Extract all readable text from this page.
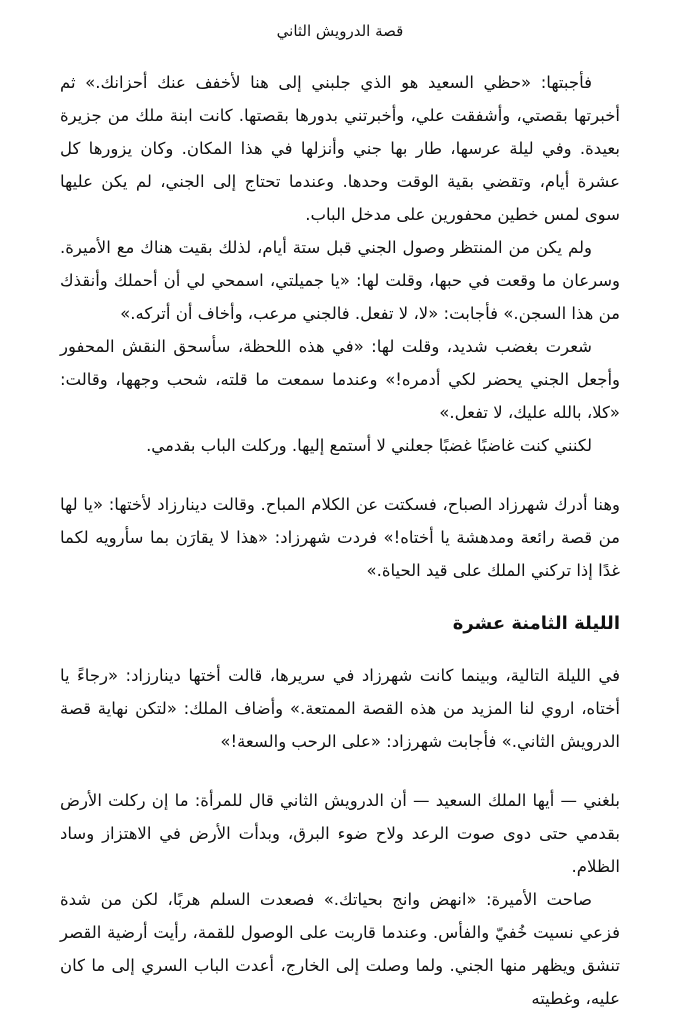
قصة الدرويش الثاني

فأجبتها: «حظي السعيد هو الذي جلبني إلى هنا لأخفف عنك أحزانك.» ثم أخبرتها بقصتي، وأشفقت علي، وأخبرتني بدورها بقصتها. كانت ابنة ملك من جزيرة بعيدة. وفي ليلة عرسها، طار بها جني وأنزلها في هذا المكان. وكان يزورها كل عشرة أيام، وتقضي بقية الوقت وحدها. وعندما تحتاج إلى الجني، لم يكن عليها سوى لمس خطين محفورين على مدخل الباب.

ولم يكن من المنتظر وصول الجني قبل ستة أيام، لذلك بقيت هناك مع الأميرة. وسرعان ما وقعت في حبها، وقلت لها: «يا جميلتي، اسمحي لي أن أحملك وأنقذك من هذا السجن.» فأجابت: «لا، لا تفعل. فالجني مرعب، وأخاف أن أتركه.»

شعرت بغضب شديد، وقلت لها: «في هذه اللحظة، سأسحق النقش المحفور وأجعل الجني يحضر لكي أدمره!» وعندما سمعت ما قلته، شحب وجهها، وقالت: «كلا، بالله عليك، لا تفعل.»

لكنني كنت غاضبًا غضبًا جعلني لا أستمع إليها. وركلت الباب بقدمي.

وهنا أدرك شهرزاد الصباح، فسكتت عن الكلام المباح. وقالت دينارزاد لأختها: «يا لها من قصة رائعة ومدهشة يا أختاه!» فردت شهرزاد: «هذا لا يقارَن بما سأرويه لكما غدًا إذا تركني الملك على قيد الحياة.»

الليلة الثامنة عشرة

في الليلة التالية، وبينما كانت شهرزاد في سريرها، قالت أختها دينارزاد: «رجاءً يا أختاه، اروي لنا المزيد من هذه القصة الممتعة.» وأضاف الملك: «لتكن نهاية قصة الدرويش الثاني.» فأجابت شهرزاد: «على الرحب والسعة!»

بلغني — أيها الملك السعيد — أن الدرويش الثاني قال للمرأة: ما إن ركلت الأرض بقدمي حتى دوى صوت الرعد ولاح ضوء البرق، وبدأت الأرض في الاهتزاز وساد الظلام.

صاحت الأميرة: «انهض وانج بحياتك.» فصعدت السلم هربًا، لكن من شدة فزعي نسيت خُفيّ والفأس. وعندما قاربت على الوصول للقمة، رأيت أرضية القصر تنشق ويظهر منها الجني. ولما وصلت إلى الخارج، أعدت الباب السري إلى ما كان عليه، وغطيته
